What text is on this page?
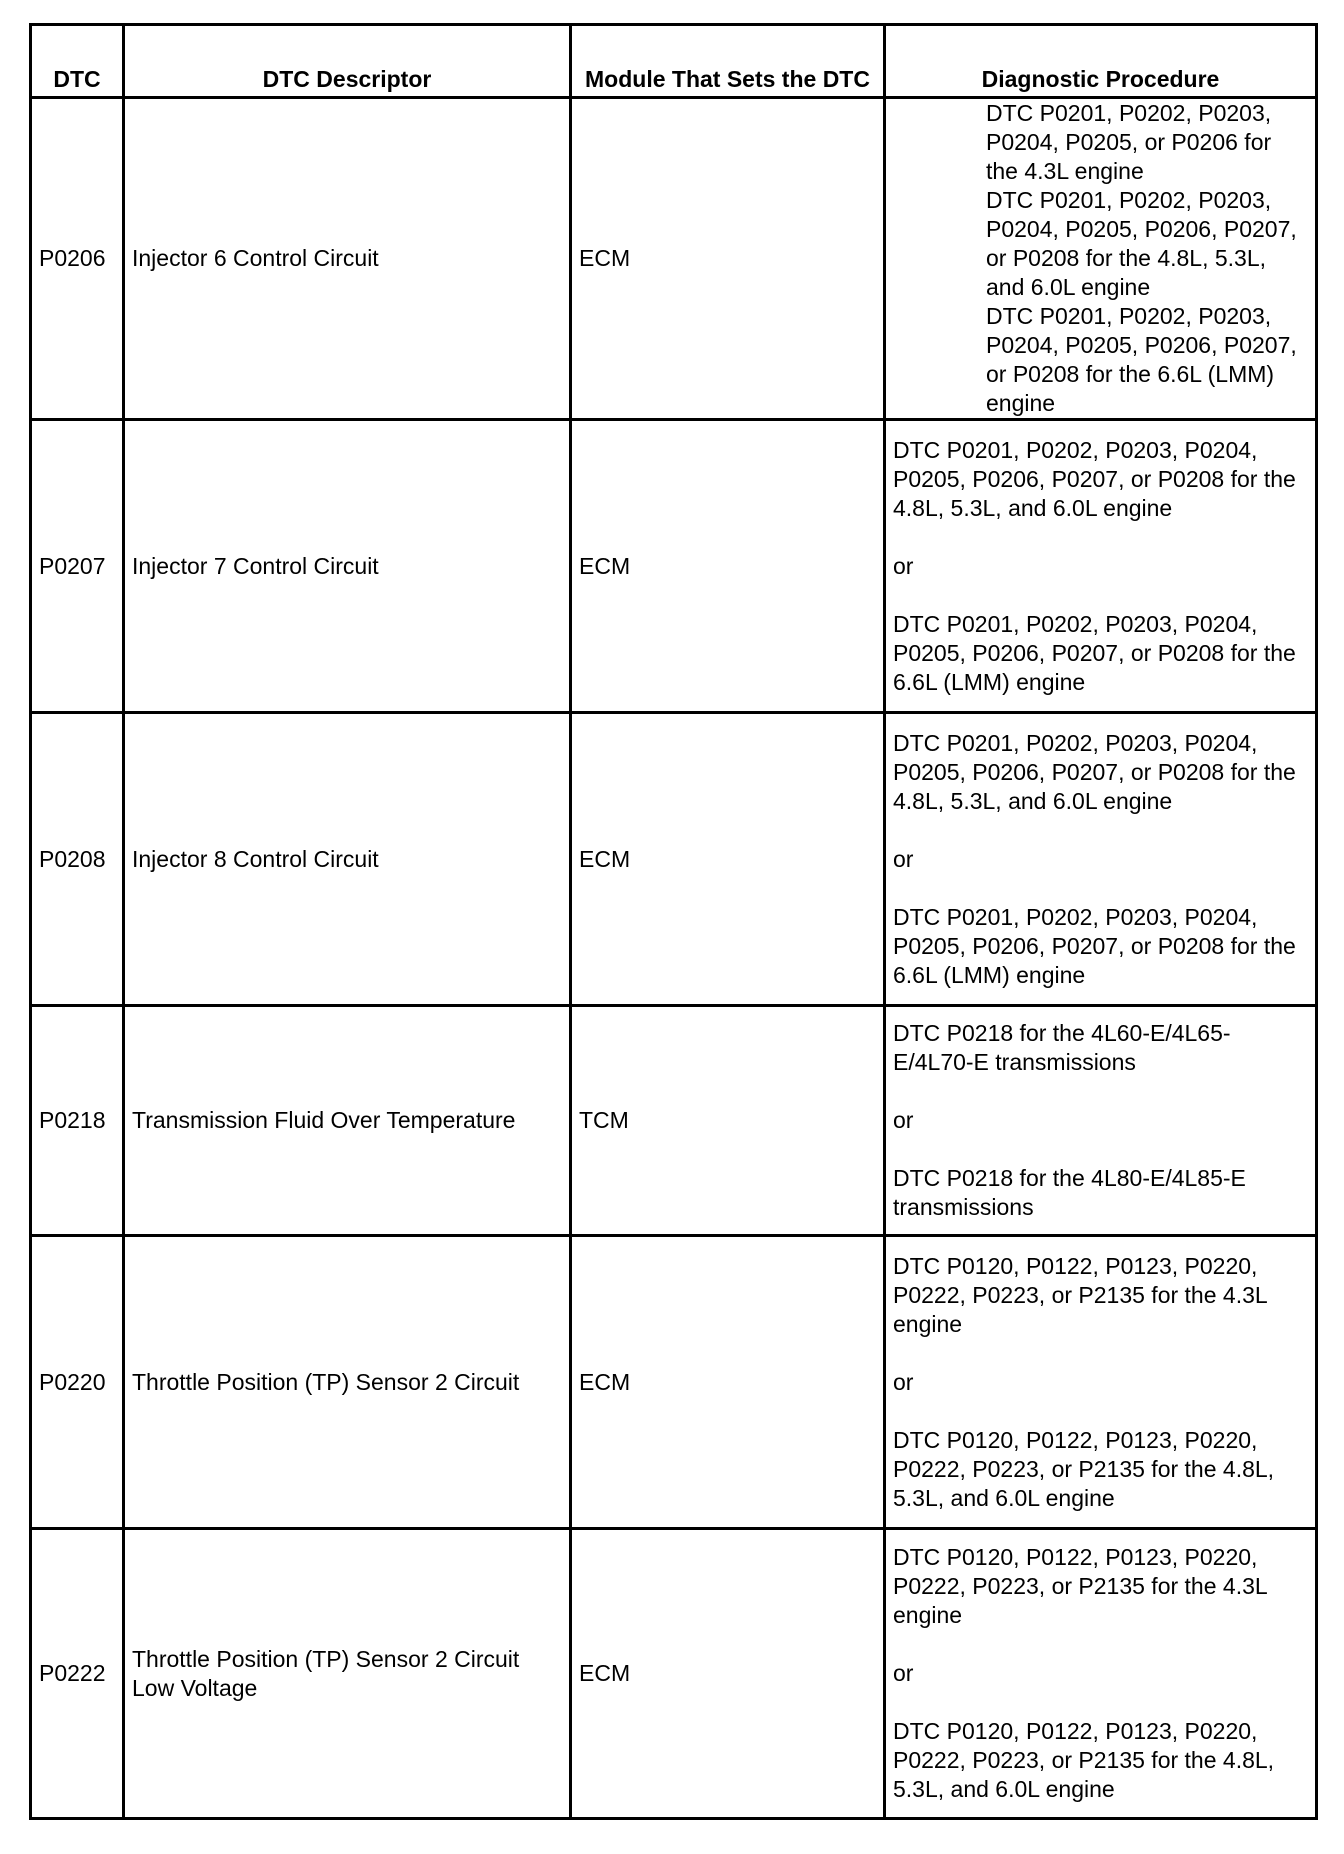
DTC	DTC Descriptor	Module That Sets the DTC	Diagnostic Procedure
P0206	Injector 6 Control Circuit	ECM	DTC P0201, P0202, P0203, P0204, P0205, or P0206 for the 4.3L engine
DTC P0201, P0202, P0203, P0204, P0205, P0206, P0207, or P0208 for the 4.8L, 5.3L, and 6.0L engine
DTC P0201, P0202, P0203, P0204, P0205, P0206, P0207, or P0208 for the 6.6L (LMM) engine

P0207	Injector 7 Control Circuit	ECM	DTC P0201, P0202, P0203, P0204, P0205, P0206, P0207, or P0208 for the 4.8L, 5.3L, and 6.0L engine
or
DTC P0201, P0202, P0203, P0204, P0205, P0206, P0207, or P0208 for the 6.6L (LMM) engine

P0208	Injector 8 Control Circuit	ECM	DTC P0201, P0202, P0203, P0204, P0205, P0206, P0207, or P0208 for the 4.8L, 5.3L, and 6.0L engine
or
DTC P0201, P0202, P0203, P0204, P0205, P0206, P0207, or P0208 for the 6.6L (LMM) engine

P0218	Transmission Fluid Over Temperature	TCM	DTC P0218 for the 4L60-E/4L65-E/4L70-E transmissions
or
DTC P0218 for the 4L80-E/4L85-E transmissions

P0220	Throttle Position (TP) Sensor 2 Circuit	ECM	DTC P0120, P0122, P0123, P0220, P0222, P0223, or P2135 for the 4.3L engine
or
DTC P0120, P0122, P0123, P0220, P0222, P0223, or P2135 for the 4.8L, 5.3L, and 6.0L engine

P0222	Throttle Position (TP) Sensor 2 Circuit Low Voltage	ECM	DTC P0120, P0122, P0123, P0220, P0222, P0223, or P2135 for the 4.3L engine
or
DTC P0120, P0122, P0123, P0220, P0222, P0223, or P2135 for the 4.8L, 5.3L, and 6.0L engine
